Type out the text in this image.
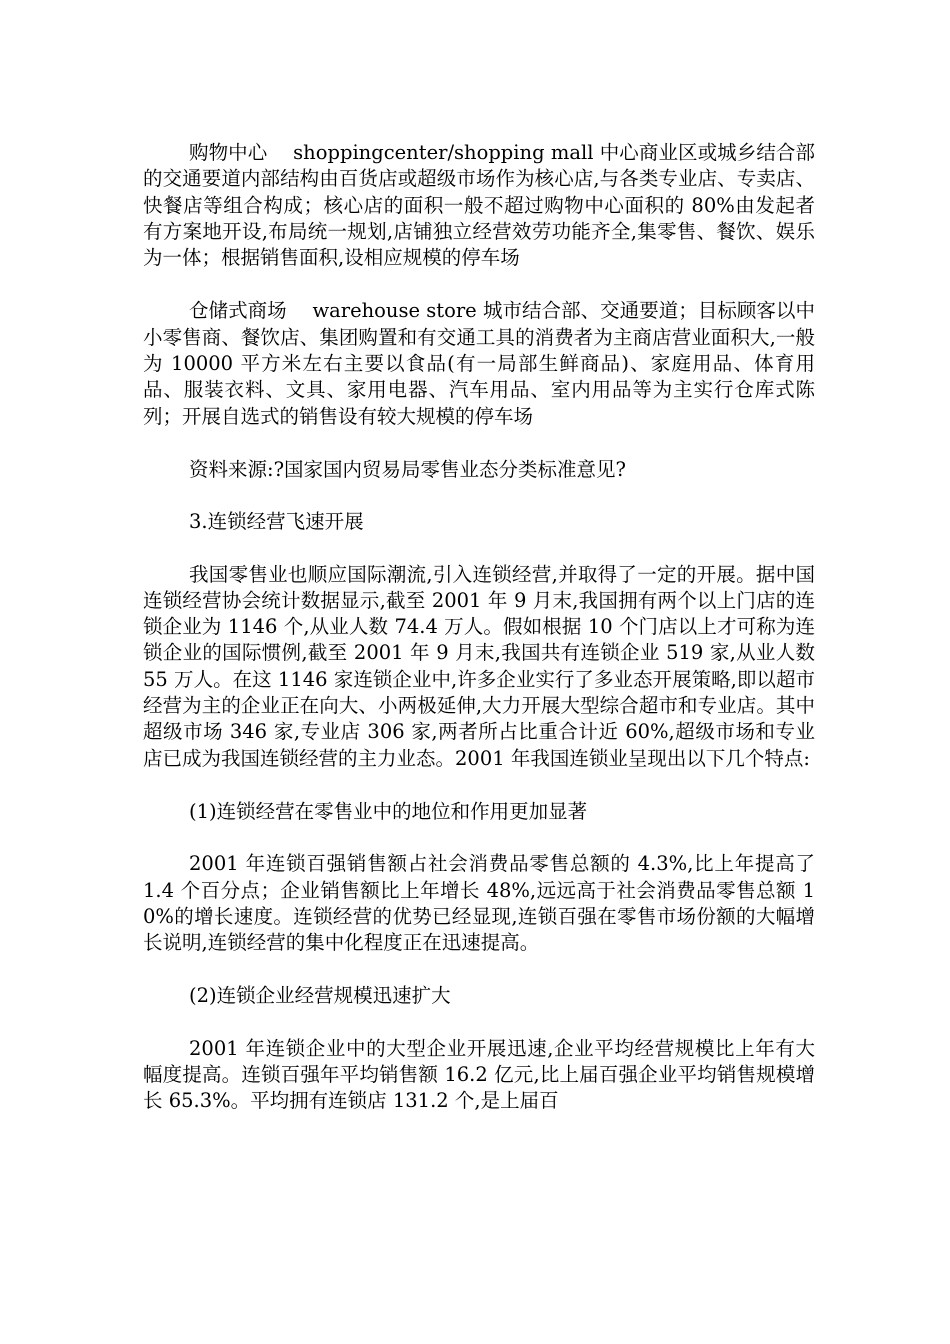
购物中心　 shoppingcenter/shopping mall 中心商业区或城乡结合部的交通要道内部结构由百货店或超级市场作为核心店,与各类专业店、专卖店、快餐店等组合构成；核心店的面积一般不超过购物中心面积的 80%由发起者有方案地开设,布局统一规划,店铺独立经营效劳功能齐全,集零售、餐饮、娱乐为一体；根据销售面积,设相应规模的停车场

仓储式商场　 warehouse store 城市结合部、交通要道；目标顾客以中小零售商、餐饮店、集团购置和有交通工具的消费者为主商店营业面积大,一般为 10000 平方米左右主要以食品(有一局部生鲜商品)、家庭用品、体育用品、服装衣料、文具、家用电器、汽车用品、室内用品等为主实行仓库式陈列；开展自选式的销售设有较大规模的停车场

资料来源:?国家国内贸易局零售业态分类标准意见?

3.连锁经营飞速开展

我国零售业也顺应国际潮流,引入连锁经营,并取得了一定的开展。据中国连锁经营协会统计数据显示,截至 2001 年 9 月末,我国拥有两个以上门店的连锁企业为 1146 个,从业人数 74.4 万人。假如根据 10 个门店以上才可称为连锁企业的国际惯例,截至 2001 年 9 月末,我国共有连锁企业 519 家,从业人数 55 万人。在这 1146 家连锁企业中,许多企业实行了多业态开展策略,即以超市经营为主的企业正在向大、小两极延伸,大力开展大型综合超市和专业店。其中超级市场 346 家,专业店 306 家,两者所占比重合计近 60%,超级市场和专业店已成为我国连锁经营的主力业态。2001 年我国连锁业呈现出以下几个特点:

(1)连锁经营在零售业中的地位和作用更加显著

2001 年连锁百强销售额占社会消费品零售总额的 4.3%,比上年提高了 1.4 个百分点；企业销售额比上年增长 48%,远远高于社会消费品零售总额 10%的增长速度。连锁经营的优势已经显现,连锁百强在零售市场份额的大幅增长说明,连锁经营的集中化程度正在迅速提高。

(2)连锁企业经营规模迅速扩大

2001 年连锁企业中的大型企业开展迅速,企业平均经营规模比上年有大幅度提高。连锁百强年平均销售额 16.2 亿元,比上届百强企业平均销售规模增长 65.3%。平均拥有连锁店 131.2 个,是上届百
